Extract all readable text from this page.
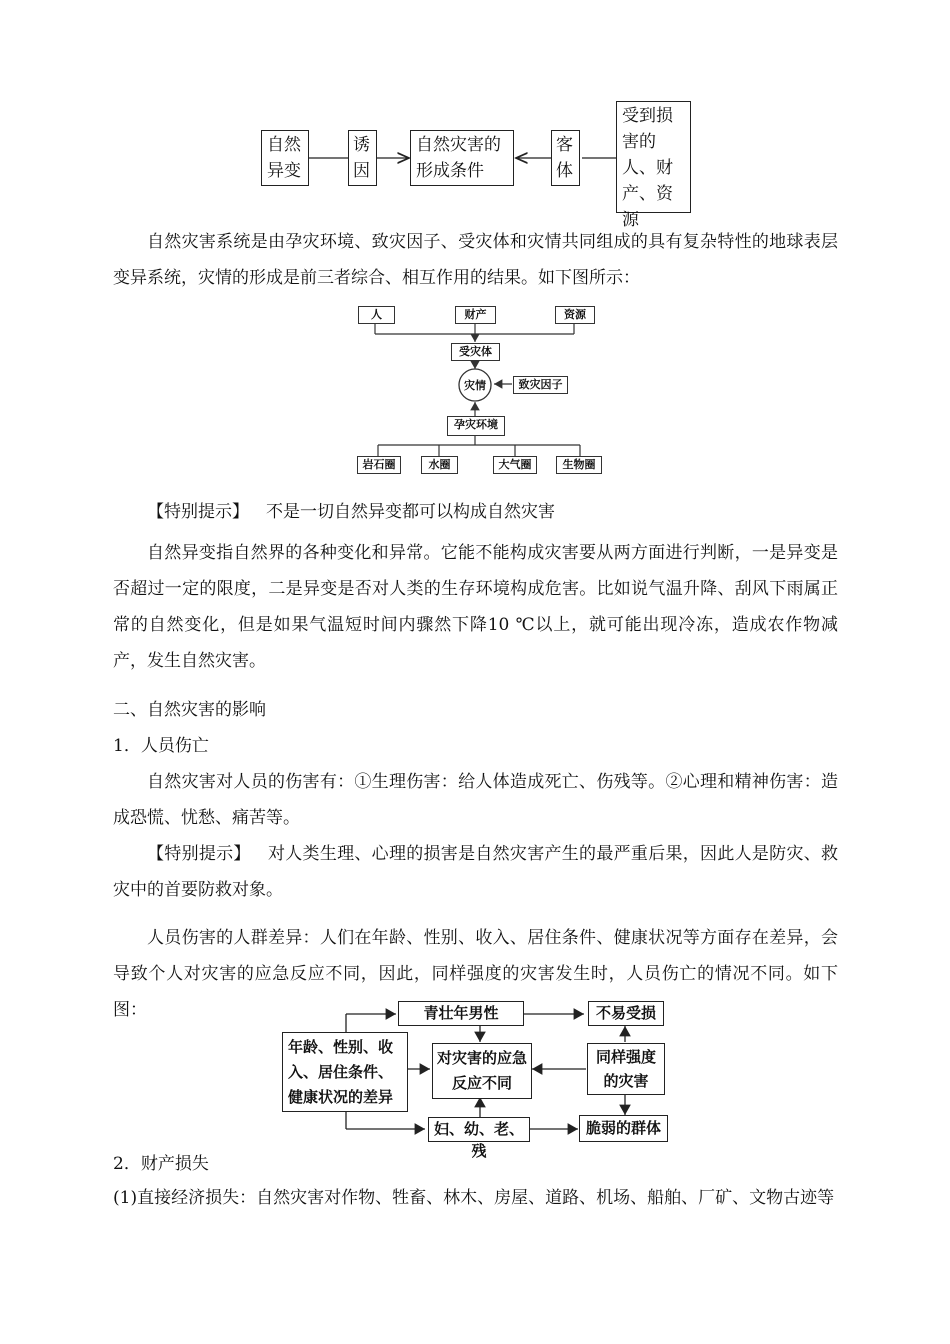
自然异变
诱因
自然灾害的形成条件
客体
受到损害的人、财产、资源
自然灾害系统是由孕灾环境、致灾因子、受灾体和灾情共同组成的具有复杂特性的地球表层变异系统，灾情的形成是前三者综合、相互作用的结果。如下图所示：
人	财产	资源
受灾体
灾情	致灾因子
孕灾环境
岩石圈	水圈	大气圈	生物圈
【特别提示】 不是一切自然异变都可以构成自然灾害
自然异变指自然界的各种变化和异常。它能不能构成灾害要从两方面进行判断，一是异变是否超过一定的限度，二是异变是否对人类的生存环境构成危害。比如说气温升降、刮风下雨属正常的自然变化，但是如果气温短时间内骤然下降10 ℃以上，就可能出现冷冻，造成农作物减产，发生自然灾害。
二、自然灾害的影响
1．人员伤亡
自然灾害对人员的伤害有：①生理伤害：给人体造成死亡、伤残等。②心理和精神伤害：造成恐慌、忧愁、痛苦等。
【特别提示】 对人类生理、心理的损害是自然灾害产生的最严重后果，因此人是防灾、救灾中的首要防救对象。
人员伤害的人群差异：人们在年龄、性别、收入、居住条件、健康状况等方面存在差异，会导致个人对灾害的应急反应不同，因此，同样强度的灾害发生时，人员伤亡的情况不同。如下图：
年龄、性别、收入、居住条件、健康状况的差异
青壮年男性
对灾害的应急反应不同
妇、幼、老、残
不易受损
同样强度的灾害
脆弱的群体
2．财产损失
(1)直接经济损失：自然灾害对作物、牲畜、林木、房屋、道路、机场、船舶、厂矿、文物古迹等
